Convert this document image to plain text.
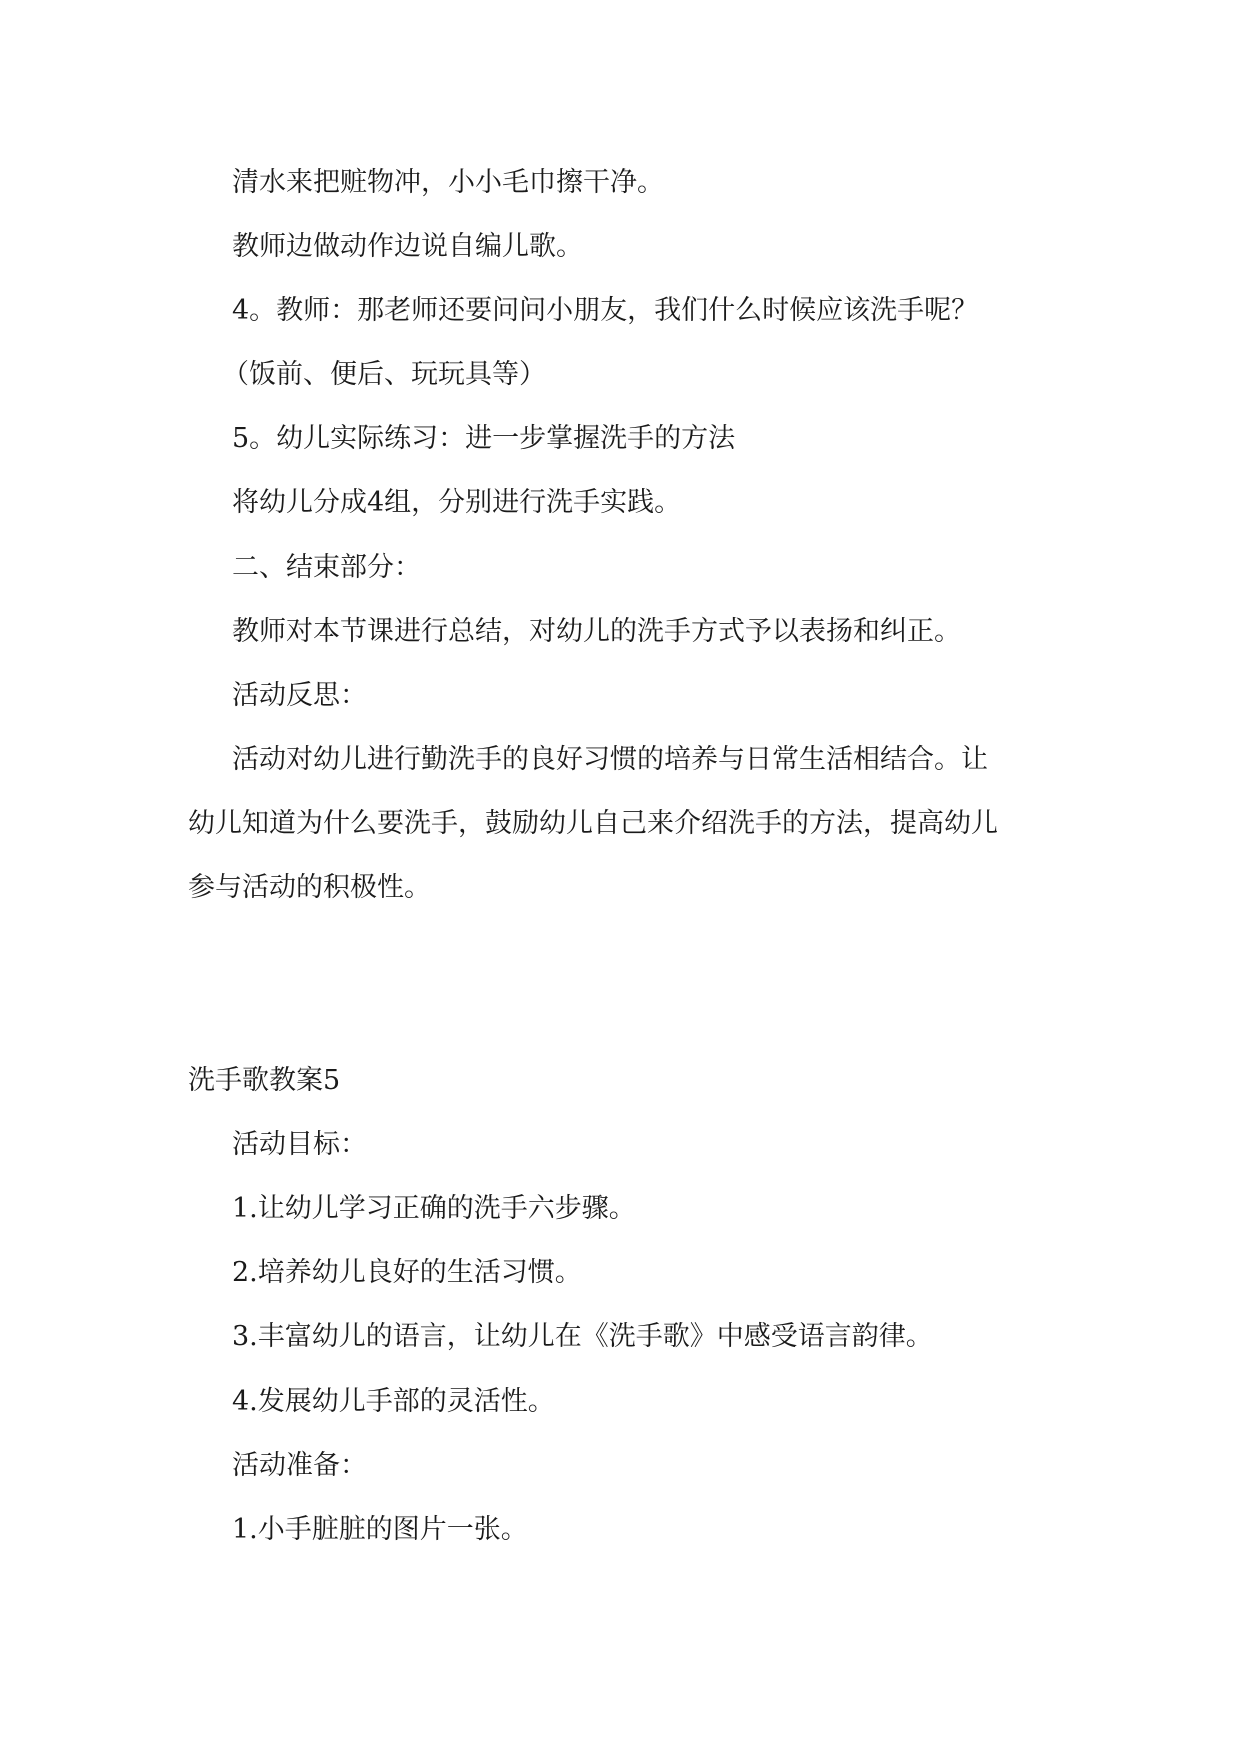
清水来把赃物冲，小小毛巾擦干净。
教师边做动作边说自编儿歌。
4。教师：那老师还要问问小朋友，我们什么时候应该洗手呢？
（饭前、便后、玩玩具等）
5。幼儿实际练习：进一步掌握洗手的方法
将幼儿分成4组，分别进行洗手实践。
二、结束部分：
教师对本节课进行总结，对幼儿的洗手方式予以表扬和纠正。
活动反思：
活动对幼儿进行勤洗手的良好习惯的培养与日常生活相结合。让
幼儿知道为什么要洗手，鼓励幼儿自己来介绍洗手的方法，提高幼儿
参与活动的积极性。
洗手歌教案5
活动目标：
1.让幼儿学习正确的洗手六步骤。
2.培养幼儿良好的生活习惯。
3.丰富幼儿的语言，让幼儿在《洗手歌》中感受语言韵律。
4.发展幼儿手部的灵活性。
活动准备：
1.小手脏脏的图片一张。
